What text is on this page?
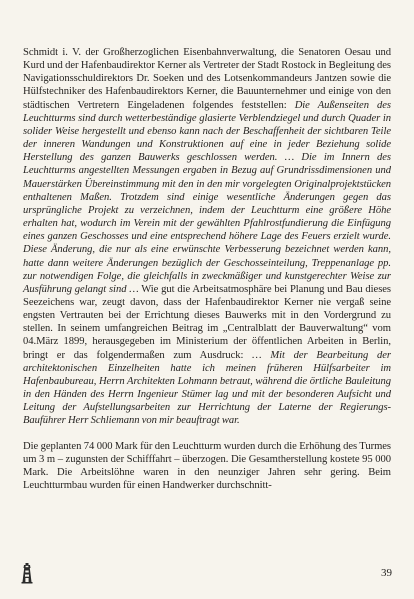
Schmidt i. V. der Großherzoglichen Eisenbahnverwaltung, die Senatoren Oesau und Kurd und der Hafenbaudirektor Kerner als Vertreter der Stadt Rostock in Begleitung des Navigationsschuldirektors Dr. Soeken und des Lotsenkommandeurs Jantzen sowie die Hülfstechniker des Hafenbaudirektors Kerner, die Bauunternehmer und einige von den städtischen Vertretern Eingeladenen folgendes feststellen: Die Außenseiten des Leuchtturms sind durch wetterbeständige glasierte Verblendziegel und durch Quader in solider Weise hergestellt und ebenso kann nach der Beschaffenheit der sichtbaren Teile der inneren Wandungen und Konstruktionen auf eine in jeder Beziehung solide Herstellung des ganzen Bauwerks geschlossen werden. … Die im Innern des Leuchtturms angestellten Messungen ergaben in Bezug auf Grundrissdimensionen und Mauerstärken Übereinstimmung mit den in den mir vorgelegten Originalprojektstücken enthaltenen Maßen. Trotzdem sind einige wesentliche Änderungen gegen das ursprüngliche Projekt zu verzeichnen, indem der Leuchtturm eine größere Höhe erhalten hat, wodurch im Verein mit der gewählten Pfahlrostfundierung die Einfügung eines ganzen Geschosses und eine entsprechend höhere Lage des Feuers erzielt wurde. Diese Änderung, die nur als eine erwünschte Verbesserung bezeichnet werden kann, hatte dann weitere Änderungen bezüglich der Geschosseinteilung, Treppenanlage pp. zur notwendigen Folge, die gleichfalls in zweckmäßiger und kunstgerechter Weise zur Ausführung gelangt sind … Wie gut die Arbeitsatmosphäre bei Planung und Bau dieses Seezeichens war, zeugt davon, dass der Hafenbaudirektor Kerner nie vergaß seine engsten Vertrauten bei der Errichtung dieses Bauwerks mit in den Vordergrund zu stellen. In seinem umfangreichen Beitrag im „Centralblatt der Bauverwaltung“ vom 04.März 1899, herausgegeben im Ministerium der öffentlichen Arbeiten in Berlin, bringt er das folgendermaßen zum Ausdruck: … Mit der Bearbeitung der architektonischen Einzelheiten hatte ich meinen früheren Hülfsarbeiter im Hafenbaubureau, Herrn Architekten Lohmann betraut, während die örtliche Bauleitung in den Händen des Herrn Ingenieur Stümer lag und mit der besonderen Aufsicht und Leitung der Aufstellungsarbeiten zur Herrichtung der Laterne der Regierungs-Bauführer Herr Schliemann von mir beauftragt war.

Die geplanten 74 000 Mark für den Leuchtturm wurden durch die Erhöhung des Turmes um 3 m – zugunsten der Schifffahrt – überzogen. Die Gesamtherstellung kostete 95 000 Mark. Die Arbeitslöhne waren in den neunziger Jahren sehr gering. Beim Leuchtturmbau wurden für einen Handwerker durchschnitt-

39
